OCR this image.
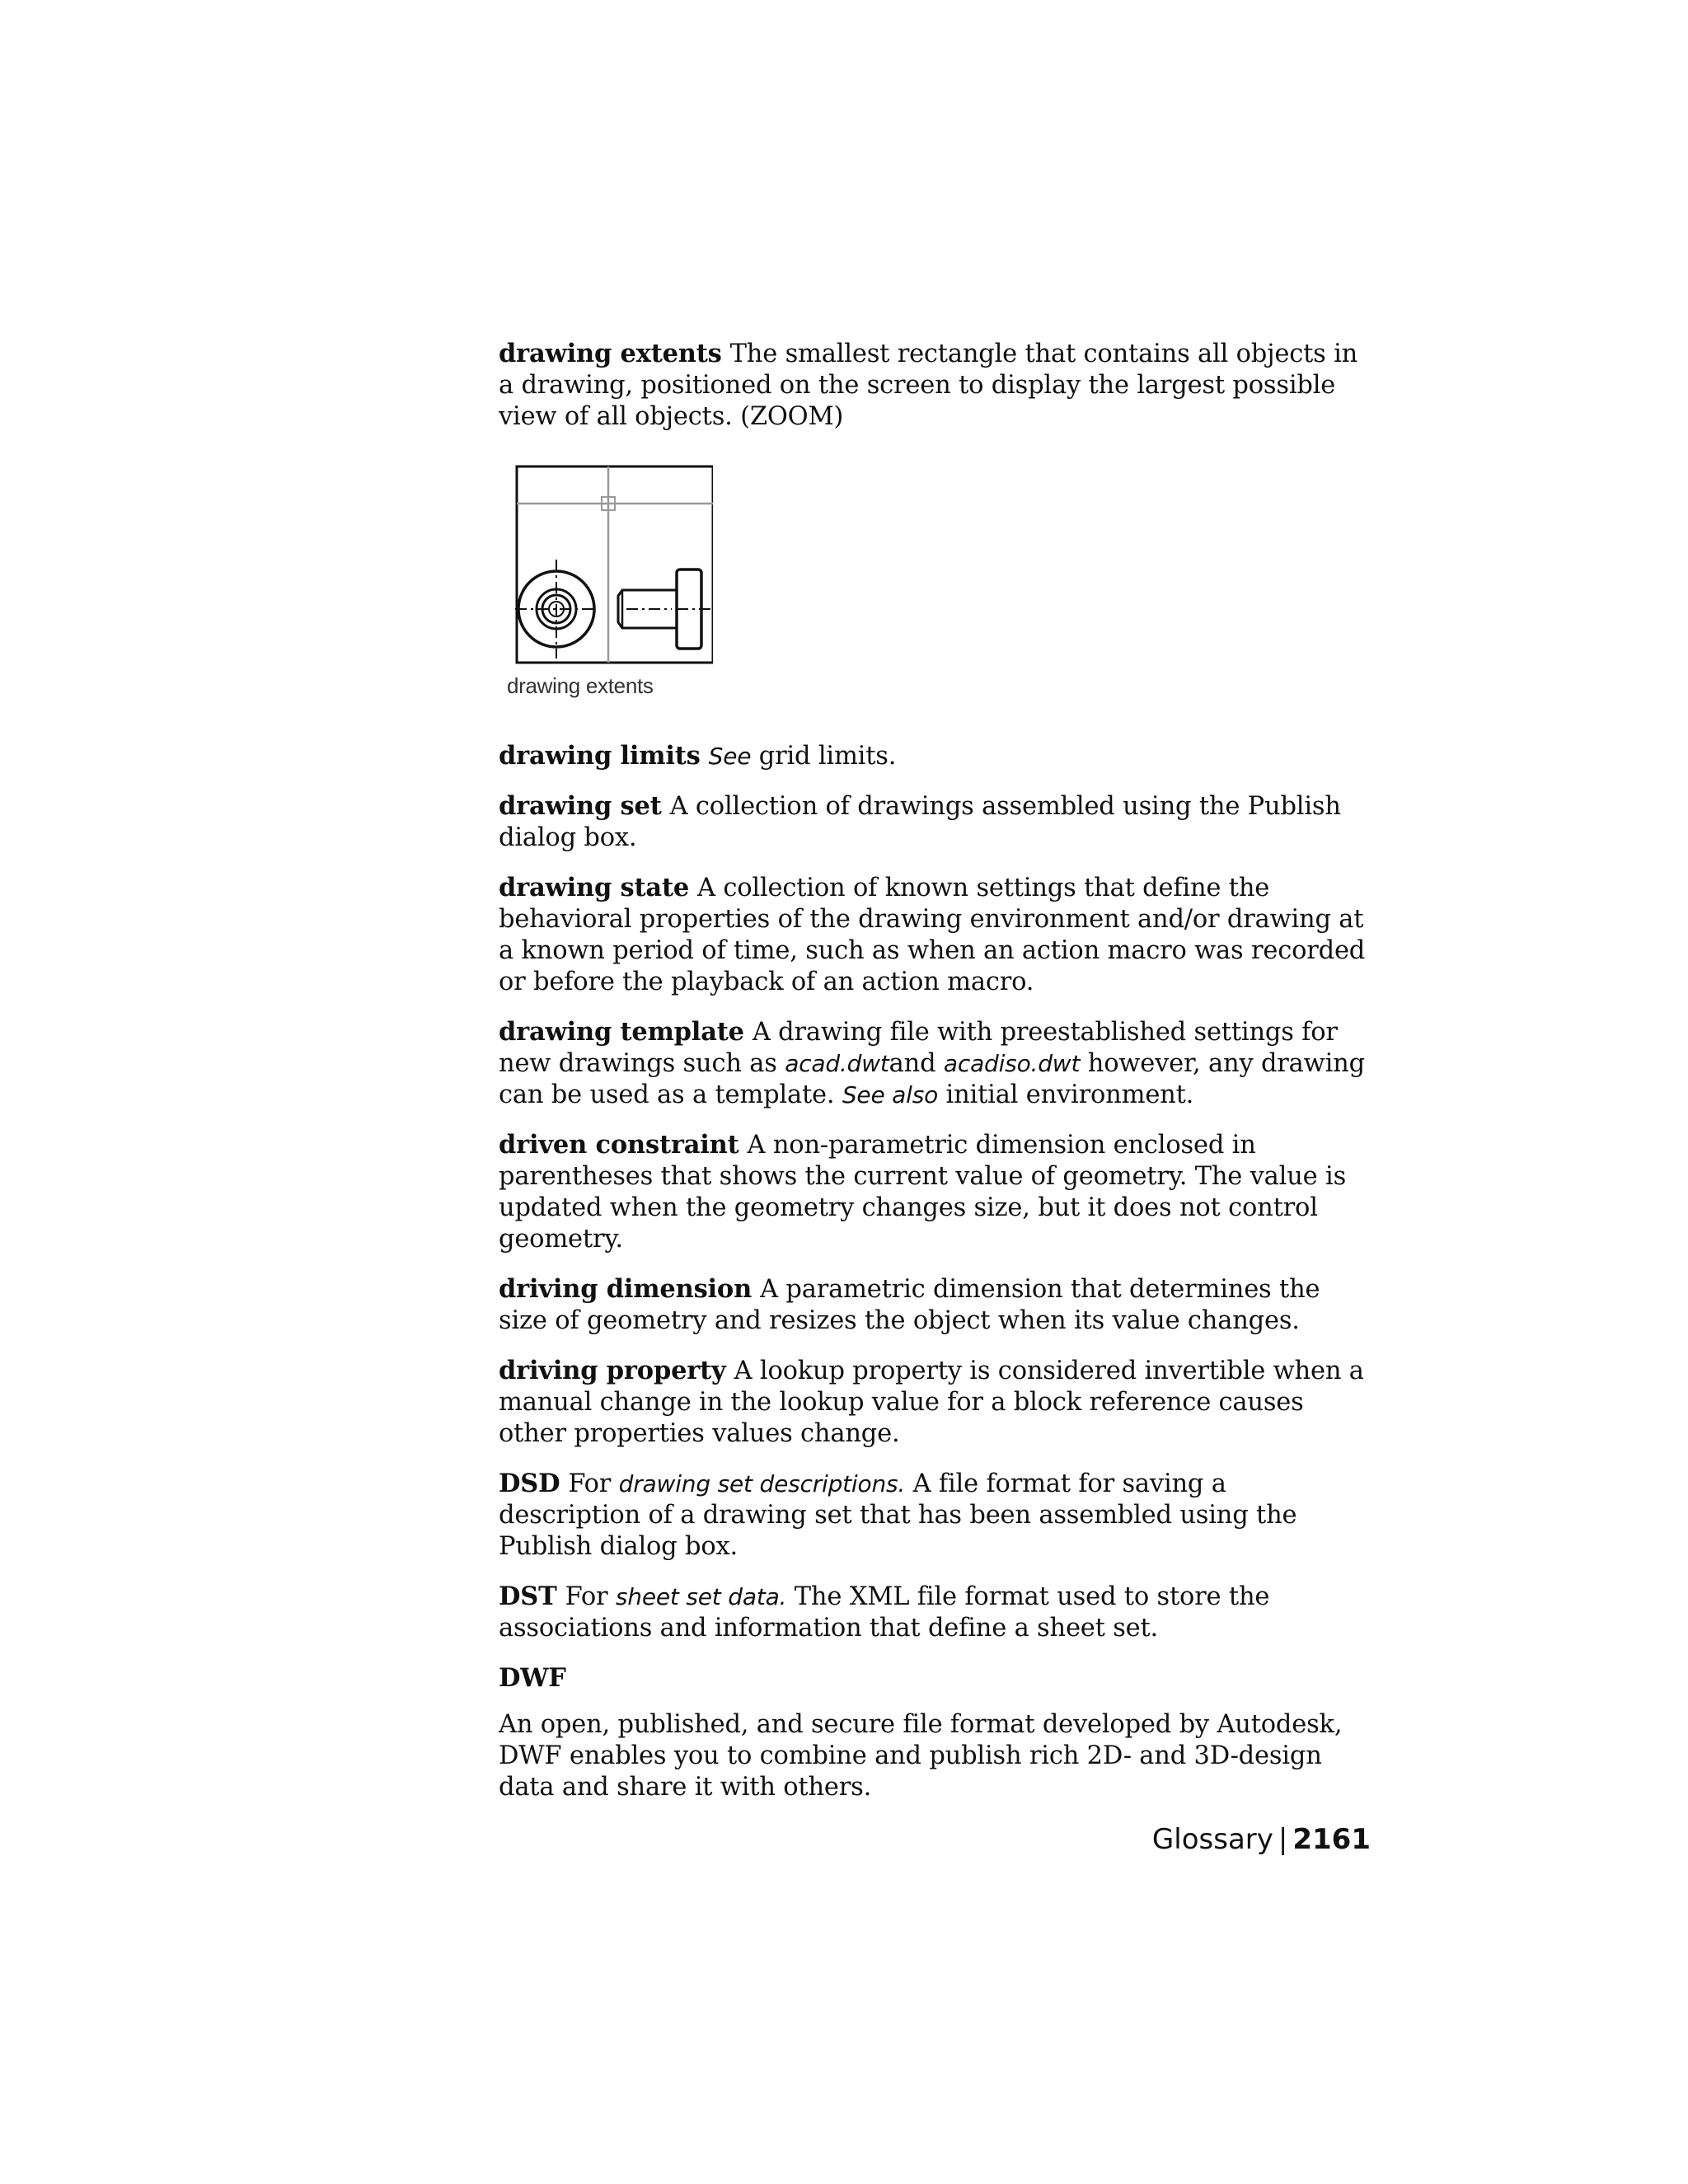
drawing extents The smallest rectangle that contains all objects in a drawing, positioned on the screen to display the largest possible view of all objects. (ZOOM)

drawing extents

drawing limits See grid limits.

drawing set A collection of drawings assembled using the Publish dialog box.

drawing state A collection of known settings that define the behavioral properties of the drawing environment and/or drawing at a known period of time, such as when an action macro was recorded or before the playback of an action macro.

drawing template A drawing file with preestablished settings for new drawings such as acad.dwtand acadiso.dwt however, any drawing can be used as a template. See also initial environment.

driven constraint A non-parametric dimension enclosed in parentheses that shows the current value of geometry. The value is updated when the geometry changes size, but it does not control geometry.

driving dimension A parametric dimension that determines the size of geometry and resizes the object when its value changes.

driving property A lookup property is considered invertible when a manual change in the lookup value for a block reference causes other properties values change.

DSD For drawing set descriptions. A file format for saving a description of a drawing set that has been assembled using the Publish dialog box.

DST For sheet set data. The XML file format used to store the associations and information that define a sheet set.

DWF

An open, published, and secure file format developed by Autodesk, DWF enables you to combine and publish rich 2D- and 3D-design data and share it with others.

Glossary | 2161
